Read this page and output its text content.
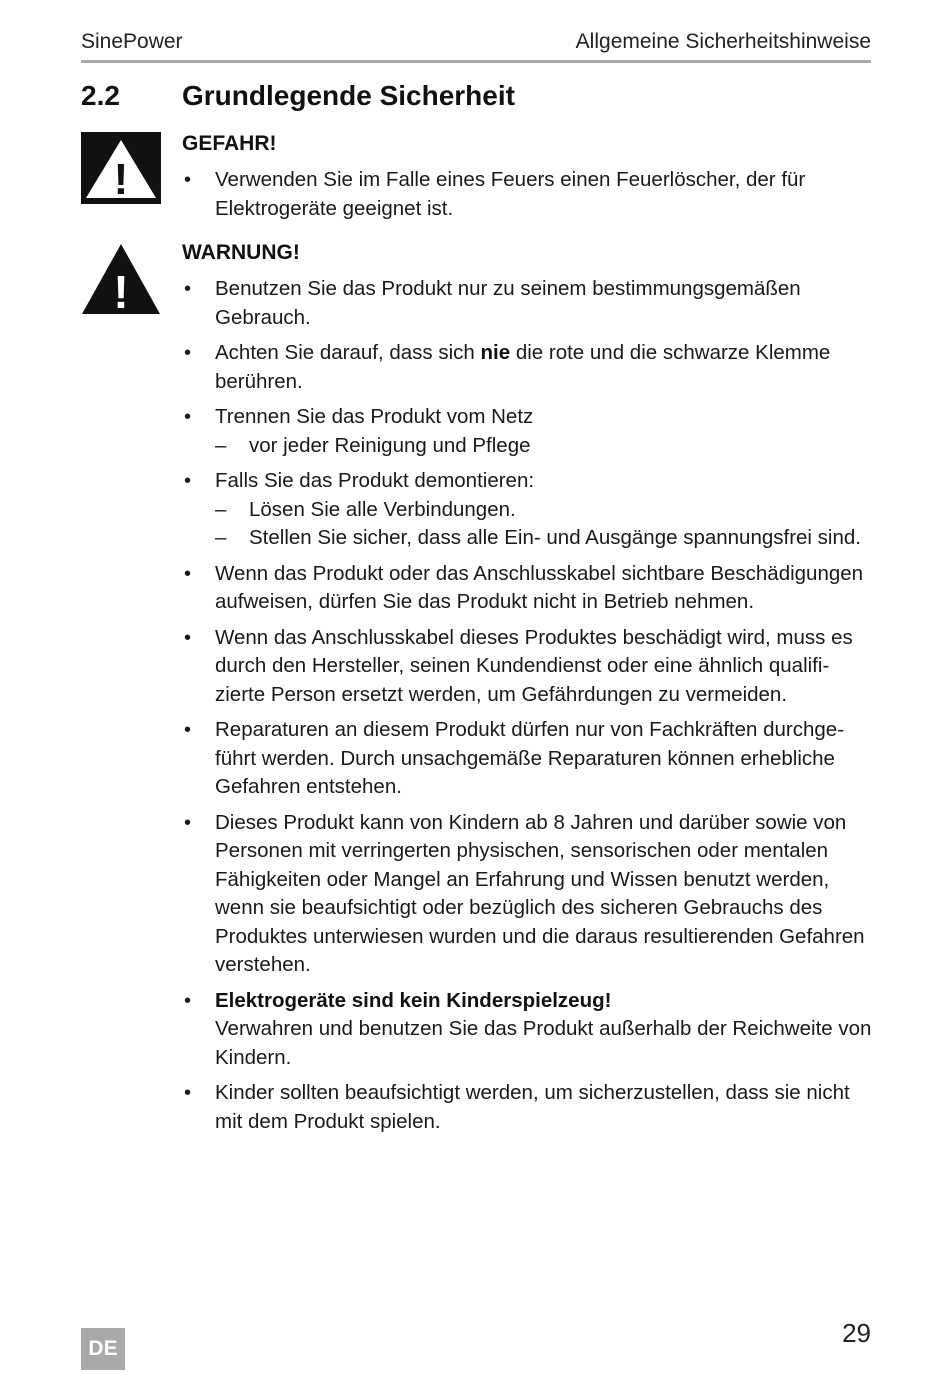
SinePower	Allgemeine Sicherheitshinweise
2.2	Grundlegende Sicherheit
!
GEFAHR!
• Verwenden Sie im Falle eines Feuers einen Feuerlöscher, der für Elektrogeräte geeignet ist.
!
WARNUNG!
• Benutzen Sie das Produkt nur zu seinem bestimmungsgemäßen Gebrauch.
• Achten Sie darauf, dass sich nie die rote und die schwarze Klemme berühren.
• Trennen Sie das Produkt vom Netz
– vor jeder Reinigung und Pflege
• Falls Sie das Produkt demontieren:
– Lösen Sie alle Verbindungen.
– Stellen Sie sicher, dass alle Ein- und Ausgänge spannungsfrei sind.
• Wenn das Produkt oder das Anschlusskabel sichtbare Beschädigungen aufweisen, dürfen Sie das Produkt nicht in Betrieb nehmen.
• Wenn das Anschlusskabel dieses Produktes beschädigt wird, muss es durch den Hersteller, seinen Kundendienst oder eine ähnlich qualifizierte Person ersetzt werden, um Gefährdungen zu vermeiden.
• Reparaturen an diesem Produkt dürfen nur von Fachkräften durchgeführt werden. Durch unsachgemäße Reparaturen können erhebliche Gefahren entstehen.
• Dieses Produkt kann von Kindern ab 8 Jahren und darüber sowie von Personen mit verringerten physischen, sensorischen oder mentalen Fähigkeiten oder Mangel an Erfahrung und Wissen benutzt werden, wenn sie beaufsichtigt oder bezüglich des sicheren Gebrauchs des Produktes unterwiesen wurden und die daraus resultierenden Gefahren verstehen.
• Elektrogeräte sind kein Kinderspielzeug!
Verwahren und benutzen Sie das Produkt außerhalb der Reichweite von Kindern.
• Kinder sollten beaufsichtigt werden, um sicherzustellen, dass sie nicht mit dem Produkt spielen.
DE
29
